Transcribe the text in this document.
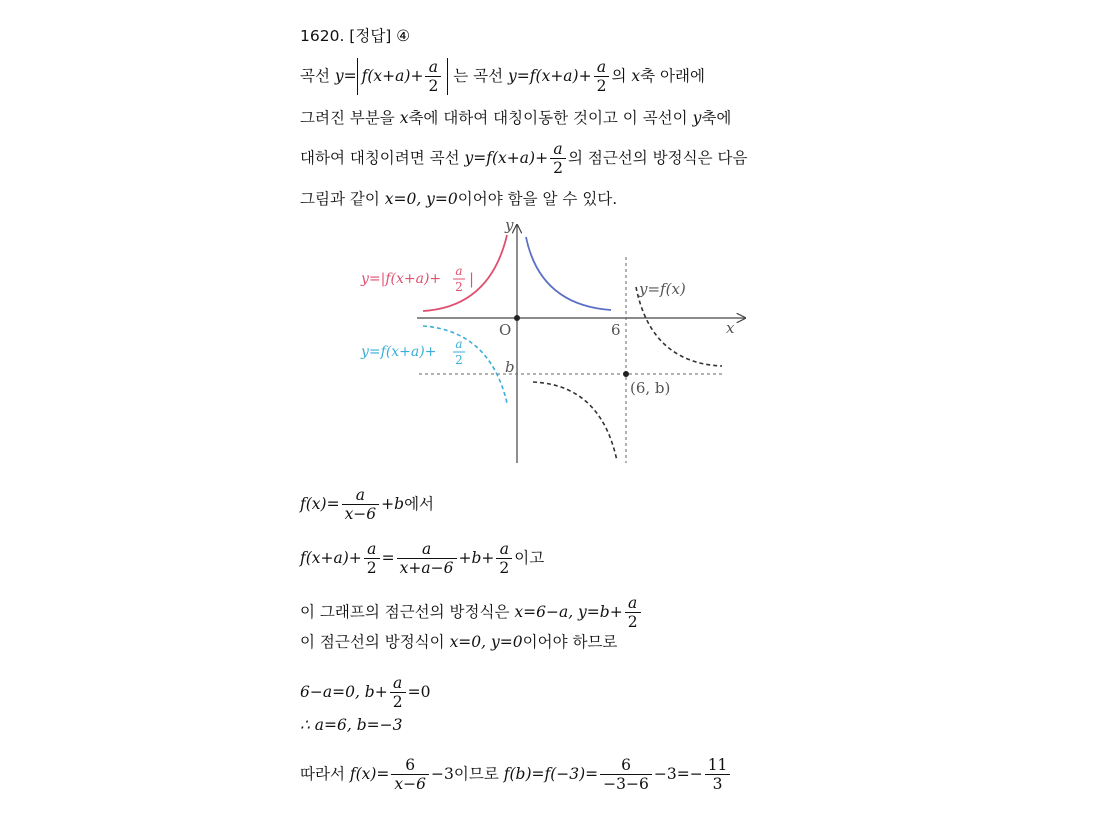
1620. [정답] ④
곡선 $y= f(x+a)+ \frac{a}{2}$ 는 곡선 $y=f(x+a)+ \frac{a}{2}$ 의 x축 아래에
그려진 부분을 x축에 대하여 대칭이동한 것이고 이 곡선이 y축에
대하여 대칭이려면 곡선 $y=f(x+a)+ \frac{a}{2}$ 의 점근선의 방정식은 다음
그림과 같이 x=0, y=0이어야 함을 알 수 있다.
x
y
O	6
b
(6, b)
y=f(x)
y=|f(x+a)+ a
2 |
y=f(x+a)+ a
2
$f(x)= \frac{a}{x-6} +b$에서
$f(x+a)+ \frac{a}{2} = \frac{a}{x+a-6} +b+ \frac{a}{2}$ 이고
이 그래프의 점근선의 방정식은 x=6−a, $y=b+ \frac{a}{2}$
이 점근선의 방정식이 x=0, y=0이어야 하므로
6−a=0, $b+ \frac{a}{2} =0$
∴ a=6, b=−3
따라서 $f(x)= \frac{6}{x-6} -3$이므로 $f(b)=f(-3)= \frac{6}{-3-6} -3=- \frac{11}{3}$
